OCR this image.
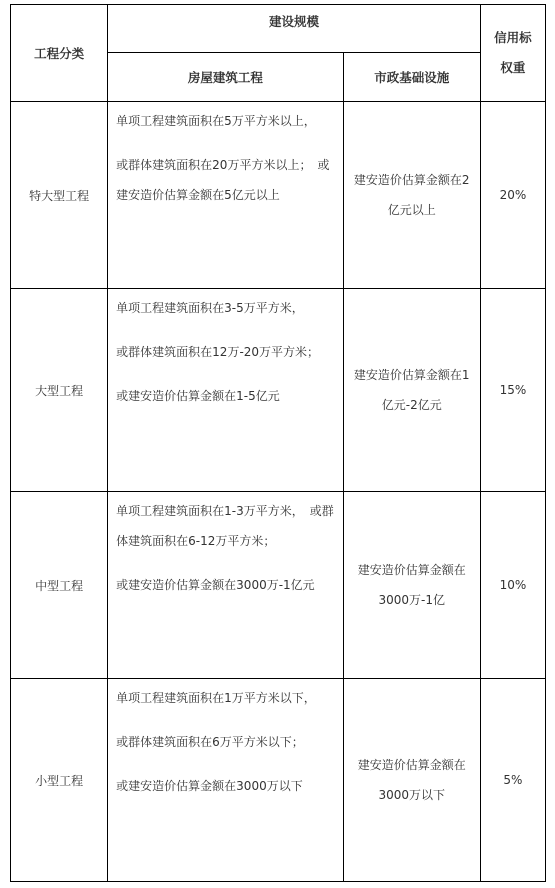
工程分类	建设规模		信用标
权重

	房屋建筑工程	市政基础设施	
特大型工程	单项工程建筑面积在5万平方米以上，

或群体建筑面积在20万平方米以上；　或建安造价估算金额在5亿元以上	建安造价估算金额在2亿元以上	20%
大型工程	单项工程建筑面积在3-5万平方米，

或群体建筑面积在12万-20万平方米；

或建安造价估算金额在1-5亿元	建安造价估算金额在1亿元-2亿元	15%
中型工程	单项工程建筑面积在1-3万平方米，　或群体建筑面积在6-12万平方米；

或建安造价估算金额在3000万-1亿元	建安造价估算金额在3000万-1亿	10%
小型工程	单项工程建筑面积在1万平方米以下，

或群体建筑面积在6万平方米以下；

或建安造价估算金额在3000万以下	建安造价估算金额在3000万以下	5%
